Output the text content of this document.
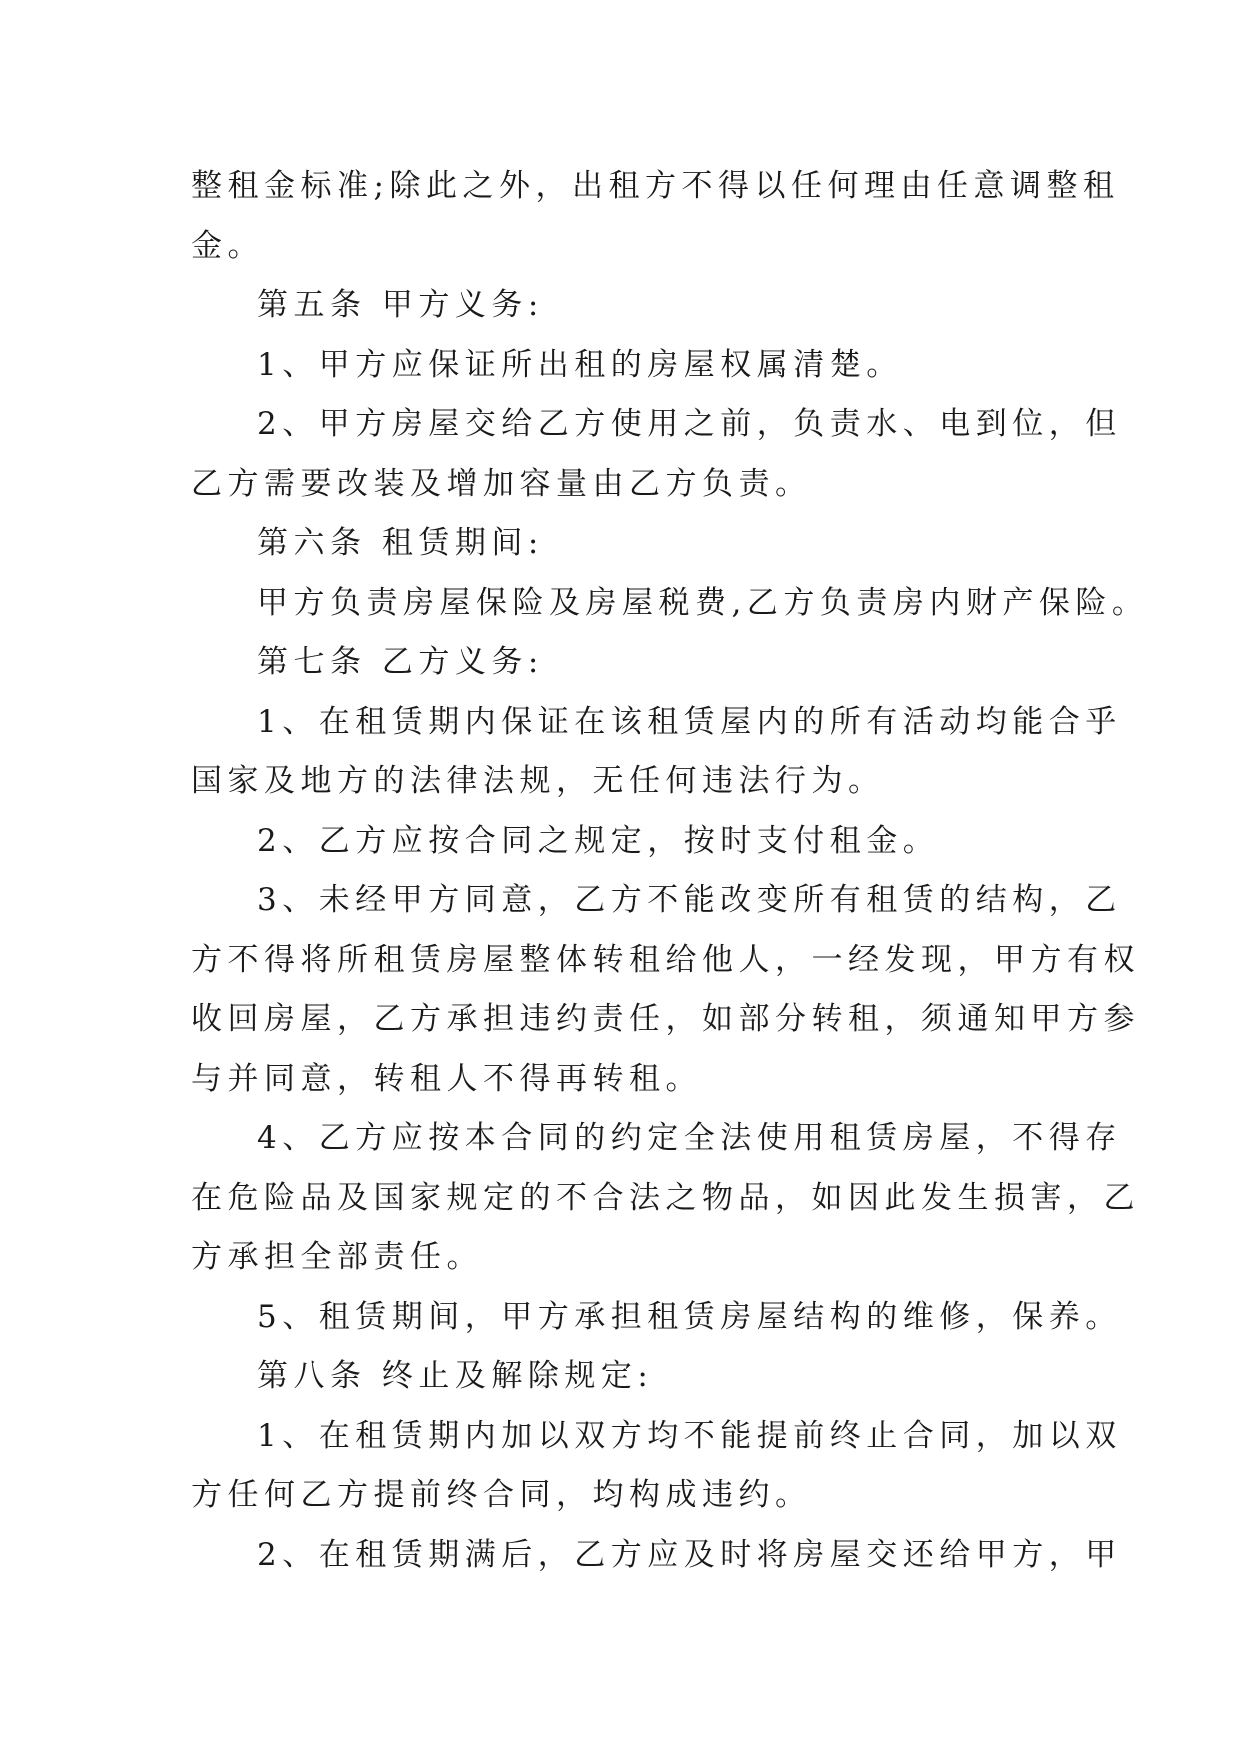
整租金标准;除此之外，出租方不得以任何理由任意调整租
金。
第五条 甲方义务:
1、甲方应保证所出租的房屋权属清楚。
2、甲方房屋交给乙方使用之前，负责水、电到位，但
乙方需要改装及增加容量由乙方负责。
第六条 租赁期间:
甲方负责房屋保险及房屋税费,乙方负责房内财产保险。
第七条 乙方义务:
1、在租赁期内保证在该租赁屋内的所有活动均能合乎
国家及地方的法律法规，无任何违法行为。
2、乙方应按合同之规定，按时支付租金。
3、未经甲方同意，乙方不能改变所有租赁的结构，乙
方不得将所租赁房屋整体转租给他人，一经发现，甲方有权
收回房屋，乙方承担违约责任，如部分转租，须通知甲方参
与并同意，转租人不得再转租。
4、乙方应按本合同的约定全法使用租赁房屋，不得存
在危险品及国家规定的不合法之物品，如因此发生损害，乙
方承担全部责任。
5、租赁期间，甲方承担租赁房屋结构的维修，保养。
第八条 终止及解除规定:
1、在租赁期内加以双方均不能提前终止合同，加以双
方任何乙方提前终合同，均构成违约。
2、在租赁期满后，乙方应及时将房屋交还给甲方，甲
